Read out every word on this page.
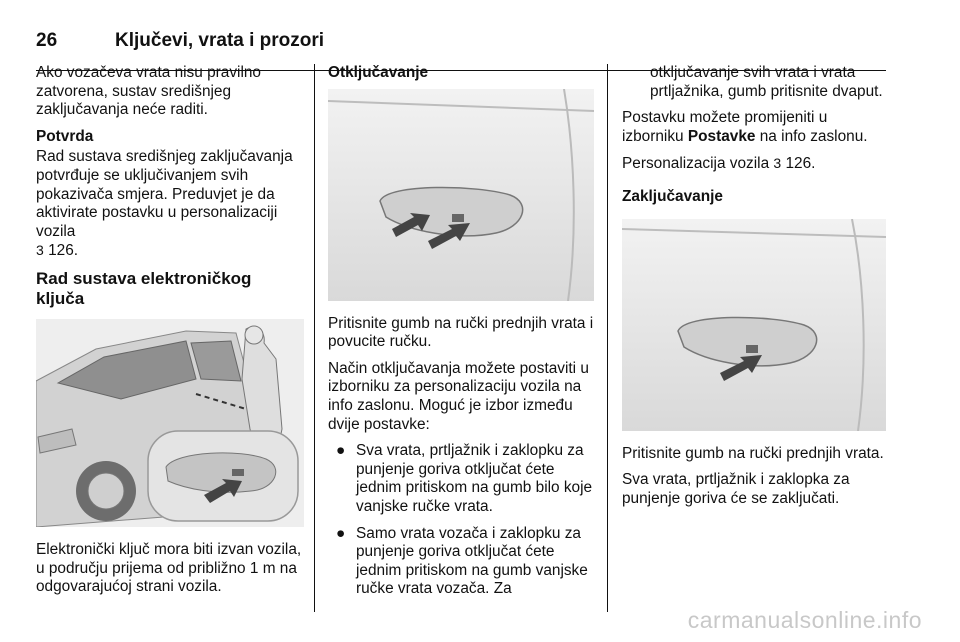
26	Ključevi, vrata i prozori

Ako vozačeva vrata nisu pravilno zatvorena, sustav središnjeg zaključavanja neće raditi.

Potvrda

Rad sustava središnjeg zaključavanja potvrđuje se uključivanjem svih pokazivača smjera. Preduvjet je da aktivirate postavku u personalizaciji vozila
3 126.

Rad sustava elektroničkog ključa

Elektronički ključ mora biti izvan vozila, u području prijema od približno 1 m na odgovarajućoj strani vozila.

Otključavanje

Pritisnite gumb na ručki prednjih vrata i povucite ručku.

Način otključavanja možete postaviti u izborniku za personalizaciju vozila na info zaslonu. Moguć je izbor između dvije postavke:

● Sva vrata, prtljažnik i zaklopku za punjenje goriva otključat ćete jednim pritiskom na gumb bilo koje vanjske ručke vrata.
● Samo vrata vozača i zaklopku za punjenje goriva otključat ćete jednim pritiskom na gumb vanjske ručke vrata vozača. Za

otključavanje svih vrata i vrata prtljažnika, gumb pritisnite dvaput.

Postavku možete promijeniti u izborniku Postavke na info zaslonu.

Personalizacija vozila 3 126.

Zaključavanje

Pritisnite gumb na ručki prednjih vrata.

Sva vrata, prtljažnik i zaklopka za punjenje goriva će se zaključati.

carmanualsonline.info
